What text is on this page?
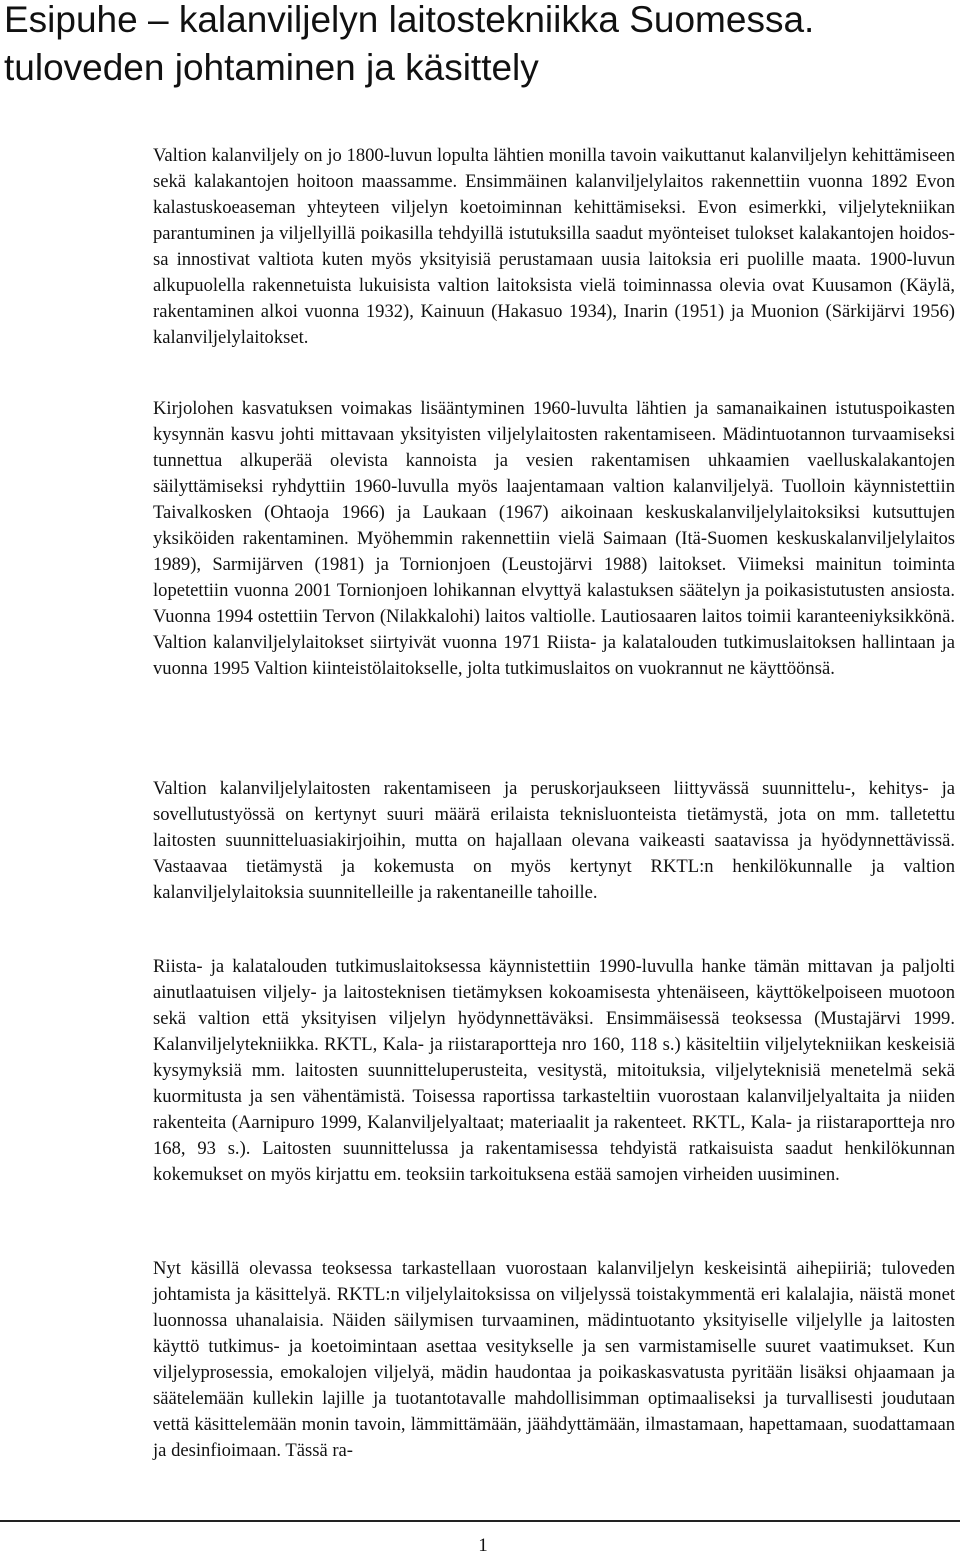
Esipuhe – kalanviljelyn laitostekniikka Suomessa.
tuloveden johtaminen ja käsittely

Valtion kalanviljely on jo 1800-luvun lopulta lähtien monilla tavoin vaikuttanut kalanviljelyn kehittämiseen sekä kalakantojen hoitoon maassamme. Ensimmäinen kalanviljelylaitos rakennettiin vuonna 1892 Evon kalastuskoeaseman yhteyteen viljelyn koetoiminnan kehittämiseksi. Evon esimerkki, viljelytekniikan parantuminen ja viljellyillä poikasilla tehdyillä istutuksilla saadut myönteiset tulokset kalakantojen hoidossa innostivat valtiota kuten myös yksityisiä perustamaan uusia laitoksia eri puolille maata. 1900-luvun alkupuolella rakennetuista lukuisista valtion laitoksista vielä toiminnassa olevia ovat Kuusamon (Käylä, rakentaminen alkoi vuonna 1932), Kainuun (Hakasuo 1934), Inarin (1951) ja Muonion (Särkijärvi 1956) kalanviljelylaitokset.

Kirjolohen kasvatuksen voimakas lisääntyminen 1960-luvulta lähtien ja samanaikainen istutuspoikasten kysynnän kasvu johti mittavaan yksityisten viljelylaitosten rakentamiseen. Mädintuotannon turvaamiseksi tunnettua alkuperää olevista kannoista ja vesien rakentamisen uhkaamien vaelluskalakantojen säilyttämiseksi ryhdyttiin 1960-luvulla myös laajentamaan valtion kalanviljelyä. Tuolloin käynnistettiin Taivalkosken (Ohtaoja 1966) ja Laukaan (1967) aikoinaan keskuskalanviljelylaitoksiksi kutsuttujen yksiköiden rakentaminen. Myöhemmin rakennettiin vielä Saimaan (Itä-Suomen keskuskalanviljelylaitos 1989), Sarmijärven (1981) ja Tornionjoen (Leustojärvi 1988) laitokset. Viimeksi mainitun toiminta lopetettiin vuonna 2001 Tornionjoen lohikannan elvyttyä kalastuksen säätelyn ja poikasistutusten ansiosta. Vuonna 1994 ostettiin Tervon (Nilakkalohi) laitos valtiolle. Lautiosaaren laitos toimii karanteeniyksikkönä. Valtion kalanviljelylaitokset siirtyivät vuonna 1971 Riista- ja kalatalouden tutkimuslaitoksen hallintaan ja vuonna 1995 Valtion kiinteistölaitokselle, jolta tutkimuslaitos on vuokrannut ne käyttöönsä.

Valtion kalanviljelylaitosten rakentamiseen ja peruskorjaukseen liittyvässä suunnittelu-, kehitys- ja sovellutustyössä on kertynyt suuri määrä erilaista teknisluonteista tietämystä, jota on mm. talletettu laitosten suunnitteluasiakirjoihin, mutta on hajallaan olevana vaikeasti saatavissa ja hyödynnettävissä. Vastaavaa tietämystä ja kokemusta on myös kertynyt RKTL:n henkilökunnalle ja valtion kalanviljelylaitoksia suunnitelleille ja rakentaneille tahoille.

Riista- ja kalatalouden tutkimuslaitoksessa käynnistettiin 1990-luvulla hanke tämän mittavan ja paljolti ainutlaatuisen viljely- ja laitosteknisen tietämyksen kokoamisesta yhtenäiseen, käyttökelpoiseen muotoon sekä valtion että yksityisen viljelyn hyödynnettäväksi. Ensimmäisessä teoksessa (Mustajärvi 1999. Kalanviljelytekniikka. RKTL, Kala- ja riistaraportteja nro 160, 118 s.) käsiteltiin viljelytekniikan keskeisiä kysymyksiä mm. laitosten suunnitteluperusteita, vesitystä, mitoituksia, viljelyteknisiä menetelmä sekä kuormitusta ja sen vähentämistä. Toisessa raportissa tarkasteltiin vuorostaan kalanviljelyaltaita ja niiden rakenteita (Aarnipuro 1999, Kalanviljelyaltaat; materiaalit ja rakenteet. RKTL, Kala- ja riistaraportteja nro 168, 93 s.). Laitosten suunnittelussa ja rakentamisessa tehdyistä ratkaisuista saadut henkilökunnan kokemukset on myös kirjattu em. teoksiin tarkoituksena estää samojen virheiden uusiminen.

Nyt käsillä olevassa teoksessa tarkastellaan vuorostaan kalanviljelyn keskeisintä aihepiiriä; tuloveden johtamista ja käsittelyä. RKTL:n viljelylaitoksissa on viljelyssä toistakymmentä eri kalalajia, näistä monet luonnossa uhanalaisia. Näiden säilymisen turvaaminen, mädintuotanto yksityiselle viljelylle ja laitosten käyttö tutkimus- ja koetoimintaan asettaa vesitykselle ja sen varmistamiselle suuret vaatimukset. Kun viljelyprosessia, emokalojen viljelyä, mädin haudontaa ja poikaskasvatusta pyritään lisäksi ohjaamaan ja säätelemään kullekin lajille ja tuotantotavalle mahdollisimman optimaaliseksi ja turvallisesti joudutaan vettä käsittelemään monin tavoin, lämmittämään, jäähdyttämään, ilmastamaan, hapettamaan, suodattamaan ja desinfioimaan. Tässä ra-

1
